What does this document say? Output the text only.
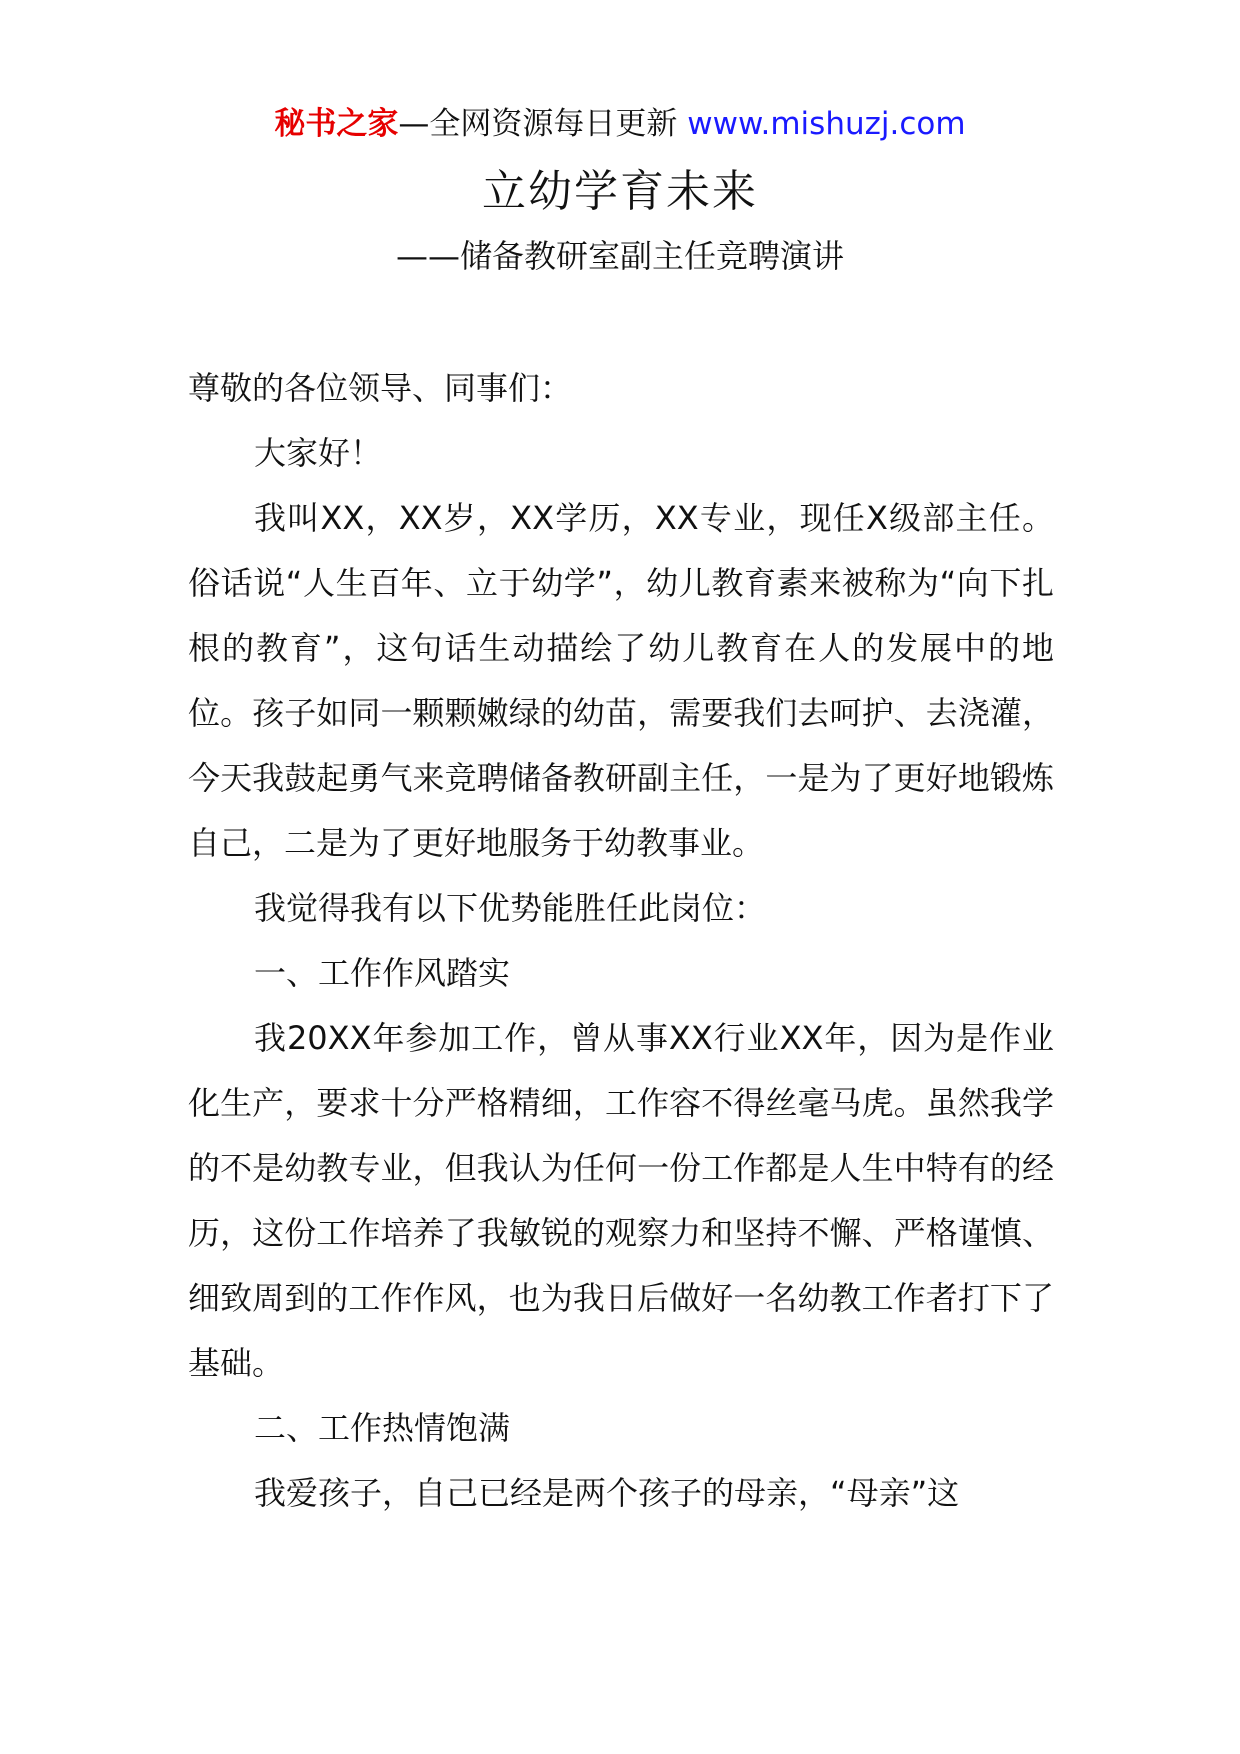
秘书之家—全网资源每日更新 www.mishuzj.com
立幼学育未来
——储备教研室副主任竞聘演讲

尊敬的各位领导、同事们：

大家好！

我叫XX，XX岁，XX学历，XX专业，现任X级部主任。俗话说“人生百年、立于幼学”，幼儿教育素来被称为“向下扎根的教育”，这句话生动描绘了幼儿教育在人的发展中的地位。孩子如同一颗颗嫩绿的幼苗，需要我们去呵护、去浇灌，今天我鼓起勇气来竞聘储备教研副主任，一是为了更好地锻炼自己，二是为了更好地服务于幼教事业。

我觉得我有以下优势能胜任此岗位：

一、工作作风踏实

我20XX年参加工作，曾从事XX行业XX年，因为是作业化生产，要求十分严格精细，工作容不得丝毫马虎。虽然我学的不是幼教专业，但我认为任何一份工作都是人生中特有的经历，这份工作培养了我敏锐的观察力和坚持不懈、严格谨慎、细致周到的工作作风，也为我日后做好一名幼教工作者打下了基础。

二、工作热情饱满

我爱孩子，自己已经是两个孩子的母亲，“母亲”这
